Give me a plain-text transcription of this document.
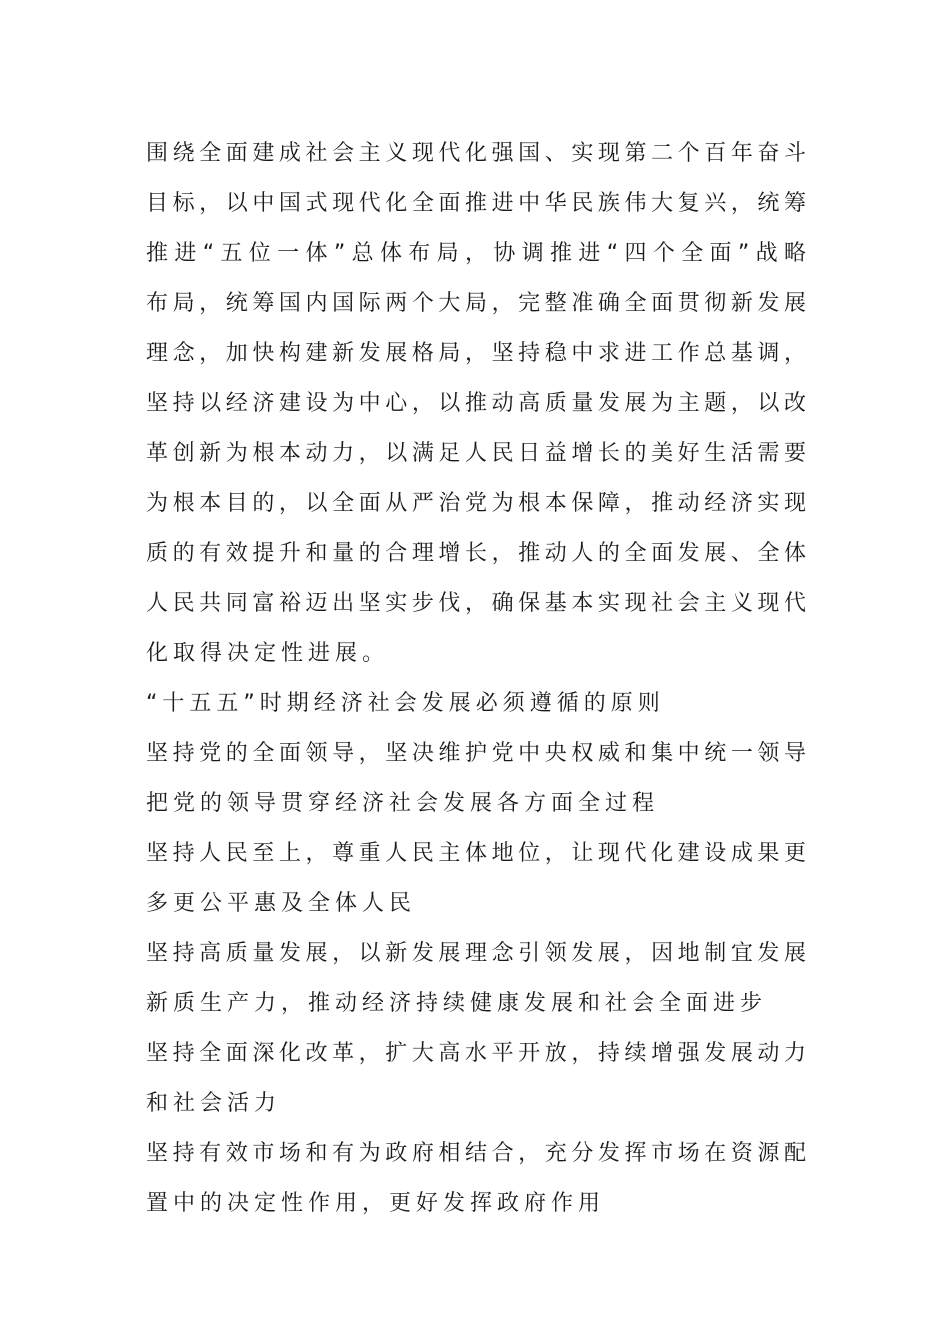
围绕全面建成社会主义现代化强国、实现第二个百年奋斗
目标，以中国式现代化全面推进中华民族伟大复兴，统筹
推进“五位一体”总体布局，协调推进“四个全面”战略
布局，统筹国内国际两个大局，完整准确全面贯彻新发展
理念，加快构建新发展格局，坚持稳中求进工作总基调，
坚持以经济建设为中心，以推动高质量发展为主题，以改
革创新为根本动力，以满足人民日益增长的美好生活需要
为根本目的，以全面从严治党为根本保障，推动经济实现
质的有效提升和量的合理增长，推动人的全面发展、全体
人民共同富裕迈出坚实步伐，确保基本实现社会主义现代
化取得决定性进展。
“十五五”时期经济社会发展必须遵循的原则
坚持党的全面领导，坚决维护党中央权威和集中统一领导
把党的领导贯穿经济社会发展各方面全过程
坚持人民至上，尊重人民主体地位，让现代化建设成果更
多更公平惠及全体人民
坚持高质量发展，以新发展理念引领发展，因地制宜发展
新质生产力，推动经济持续健康发展和社会全面进步
坚持全面深化改革，扩大高水平开放，持续增强发展动力
和社会活力
坚持有效市场和有为政府相结合，充分发挥市场在资源配
置中的决定性作用，更好发挥政府作用
